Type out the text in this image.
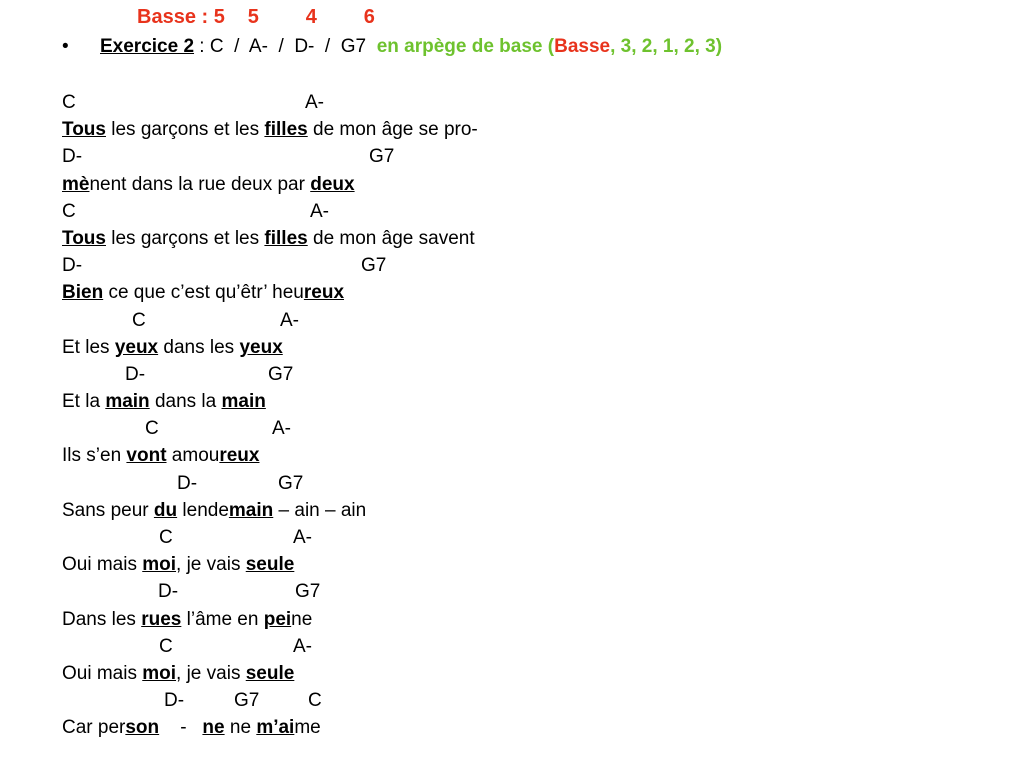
Basse : 5 5 4 6
• Exercice 2 : C  /  A-  /  D-  /  G7  en arpège de base (Basse, 3, 2, 1, 2, 3)
C	A-
Tous les garçons et les filles de mon âge se pro-
D-	G7
mènent dans la rue deux par deux
C	A-
Tous les garçons et les filles de mon âge savent
D-	G7
Bien ce que c’est qu’êtr’ heureux
C	A-
Et les yeux dans les yeux
D-	G7
Et la main dans la main
C	A-
Ils s’en vont amoureux
D-	G7
Sans peur du lendemain – ain – ain
C	A-
Oui mais moi, je vais seule
D-	G7
Dans les rues l’âme en peine
C	A-
Oui mais moi, je vais seule
D-	G7	C
Car person    -   ne ne m’aime
